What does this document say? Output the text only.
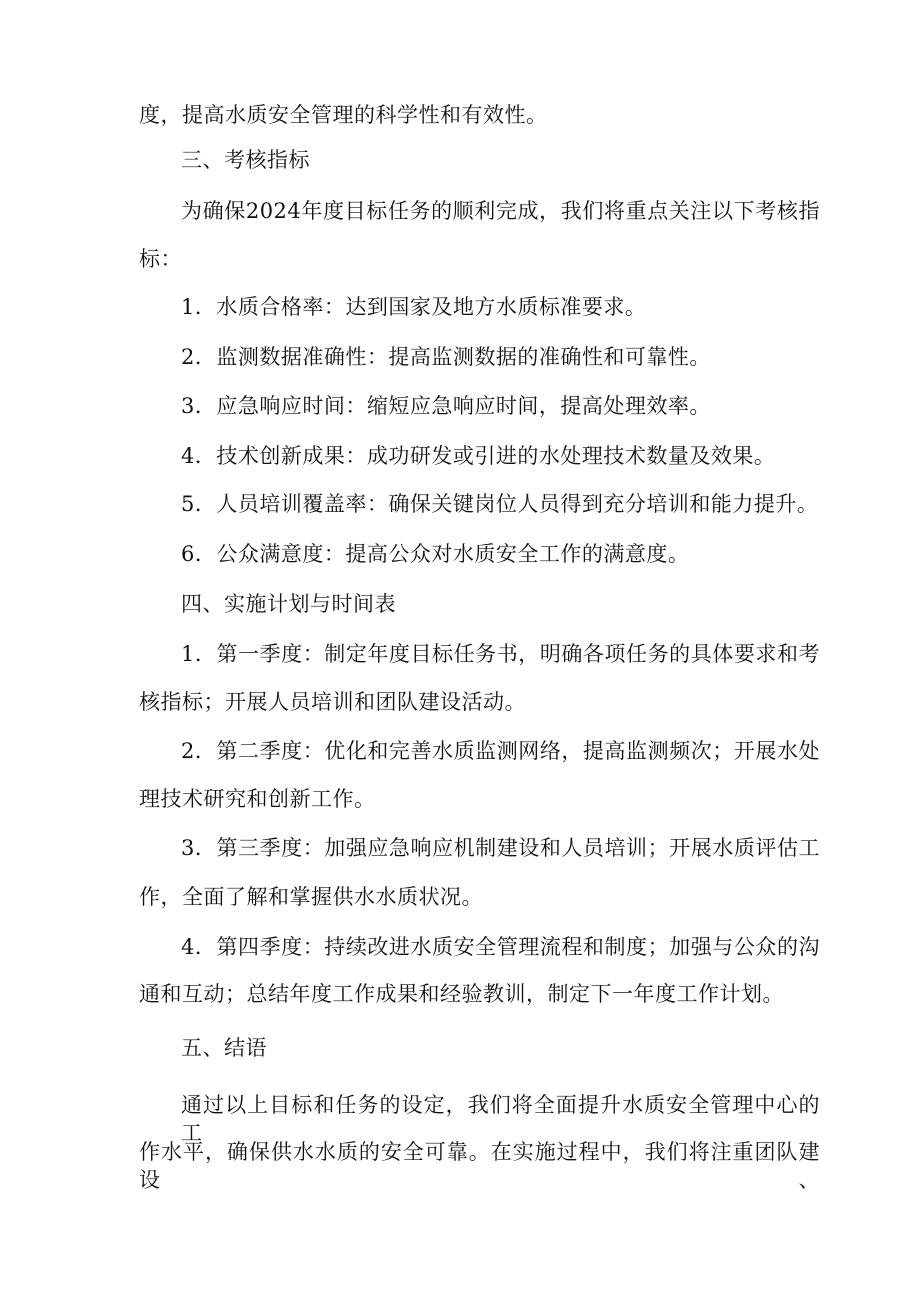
度，提高水质安全管理的科学性和有效性。
三、考核指标
为确保2024年度目标任务的顺利完成，我们将重点关注以下考核指
标：
1．水质合格率：达到国家及地方水质标准要求。
2．监测数据准确性：提高监测数据的准确性和可靠性。
3．应急响应时间：缩短应急响应时间，提高处理效率。
4．技术创新成果：成功研发或引进的水处理技术数量及效果。
5．人员培训覆盖率：确保关键岗位人员得到充分培训和能力提升。
6．公众满意度：提高公众对水质安全工作的满意度。
四、实施计划与时间表
1．第一季度：制定年度目标任务书，明确各项任务的具体要求和考
核指标；开展人员培训和团队建设活动。
2．第二季度：优化和完善水质监测网络，提高监测频次；开展水处
理技术研究和创新工作。
3．第三季度：加强应急响应机制建设和人员培训；开展水质评估工
作，全面了解和掌握供水水质状况。
4．第四季度：持续改进水质安全管理流程和制度；加强与公众的沟
通和互动；总结年度工作成果和经验教训，制定下一年度工作计划。
五、结语
通过以上目标和任务的设定，我们将全面提升水质安全管理中心的工
作水平，确保供水水质的安全可靠。在实施过程中，我们将注重团队建设、
